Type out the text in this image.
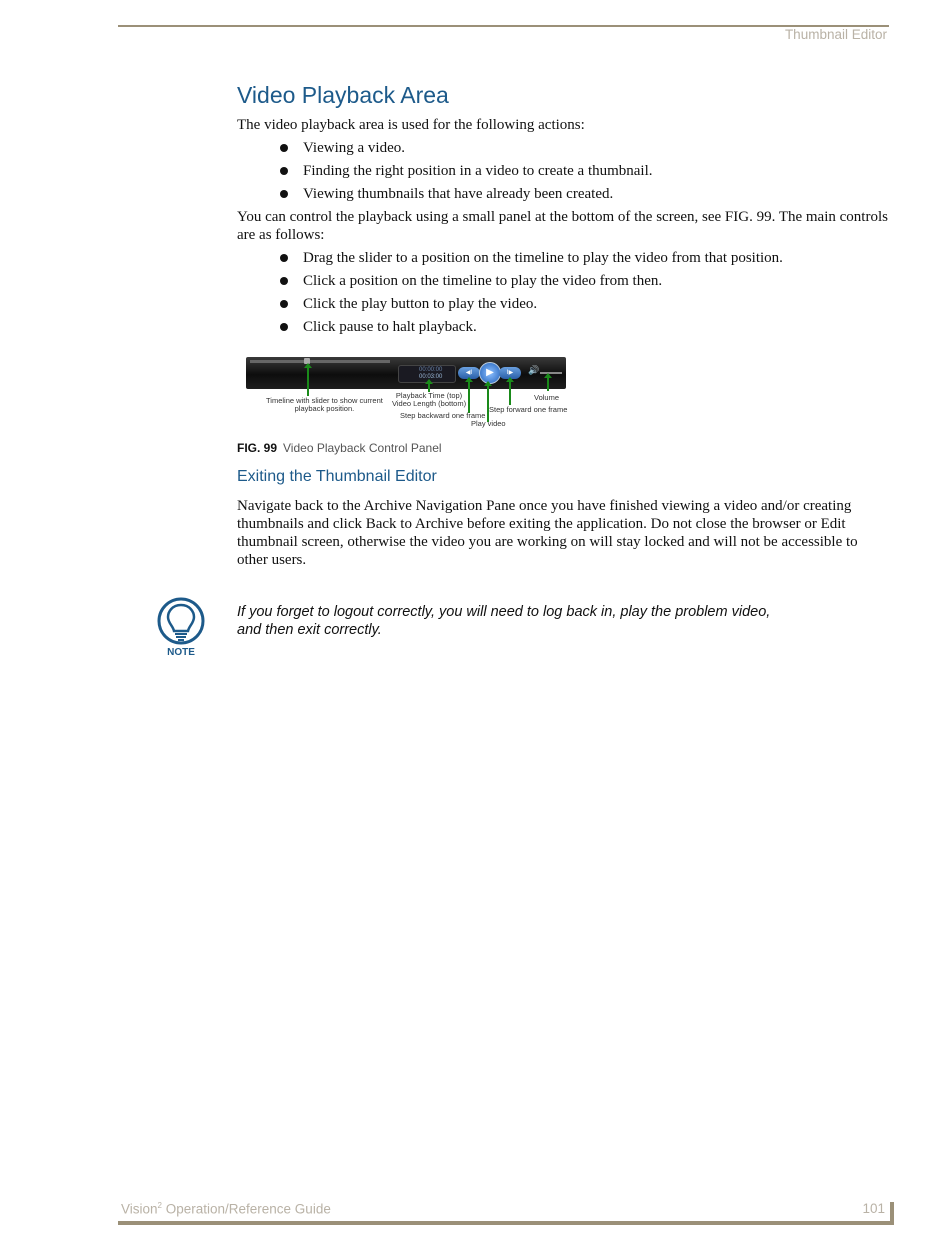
Thumbnail Editor
Video Playback Area

The video playback area is used for the following actions:

Viewing a video.
Finding the right position in a video to create a thumbnail.
Viewing thumbnails that have already been created.

You can control the playback using a small panel at the bottom of the screen, see FIG. 99. The main controls are as follows:

Drag the slider to a position on the timeline to play the video from that position.
Click a position on the timeline to play the video from then.
Click the play button to play the video.
Click pause to halt playback.
00:00:00
00:03:00
◀I	▶	I▶	🔊
Timeline with slider to show current
playback position.
Playback Time (top)
Video Length (bottom)
Step backward one frame
Play video
Step forward one frame
Volume
FIG. 99 Video Playback Control Panel
Exiting the Thumbnail Editor

Navigate back to the Archive Navigation Pane once you have finished viewing a video and/or creating thumbnails and click Back to Archive before exiting the application. Do not close the browser or Edit thumbnail screen, otherwise the video you are working on will stay locked and will not be accessible to other users.

NOTE
If you forget to logout correctly, you will need to log back in, play the problem video, and then exit correctly.
Vision$^2$ Operation/Reference Guide	101
